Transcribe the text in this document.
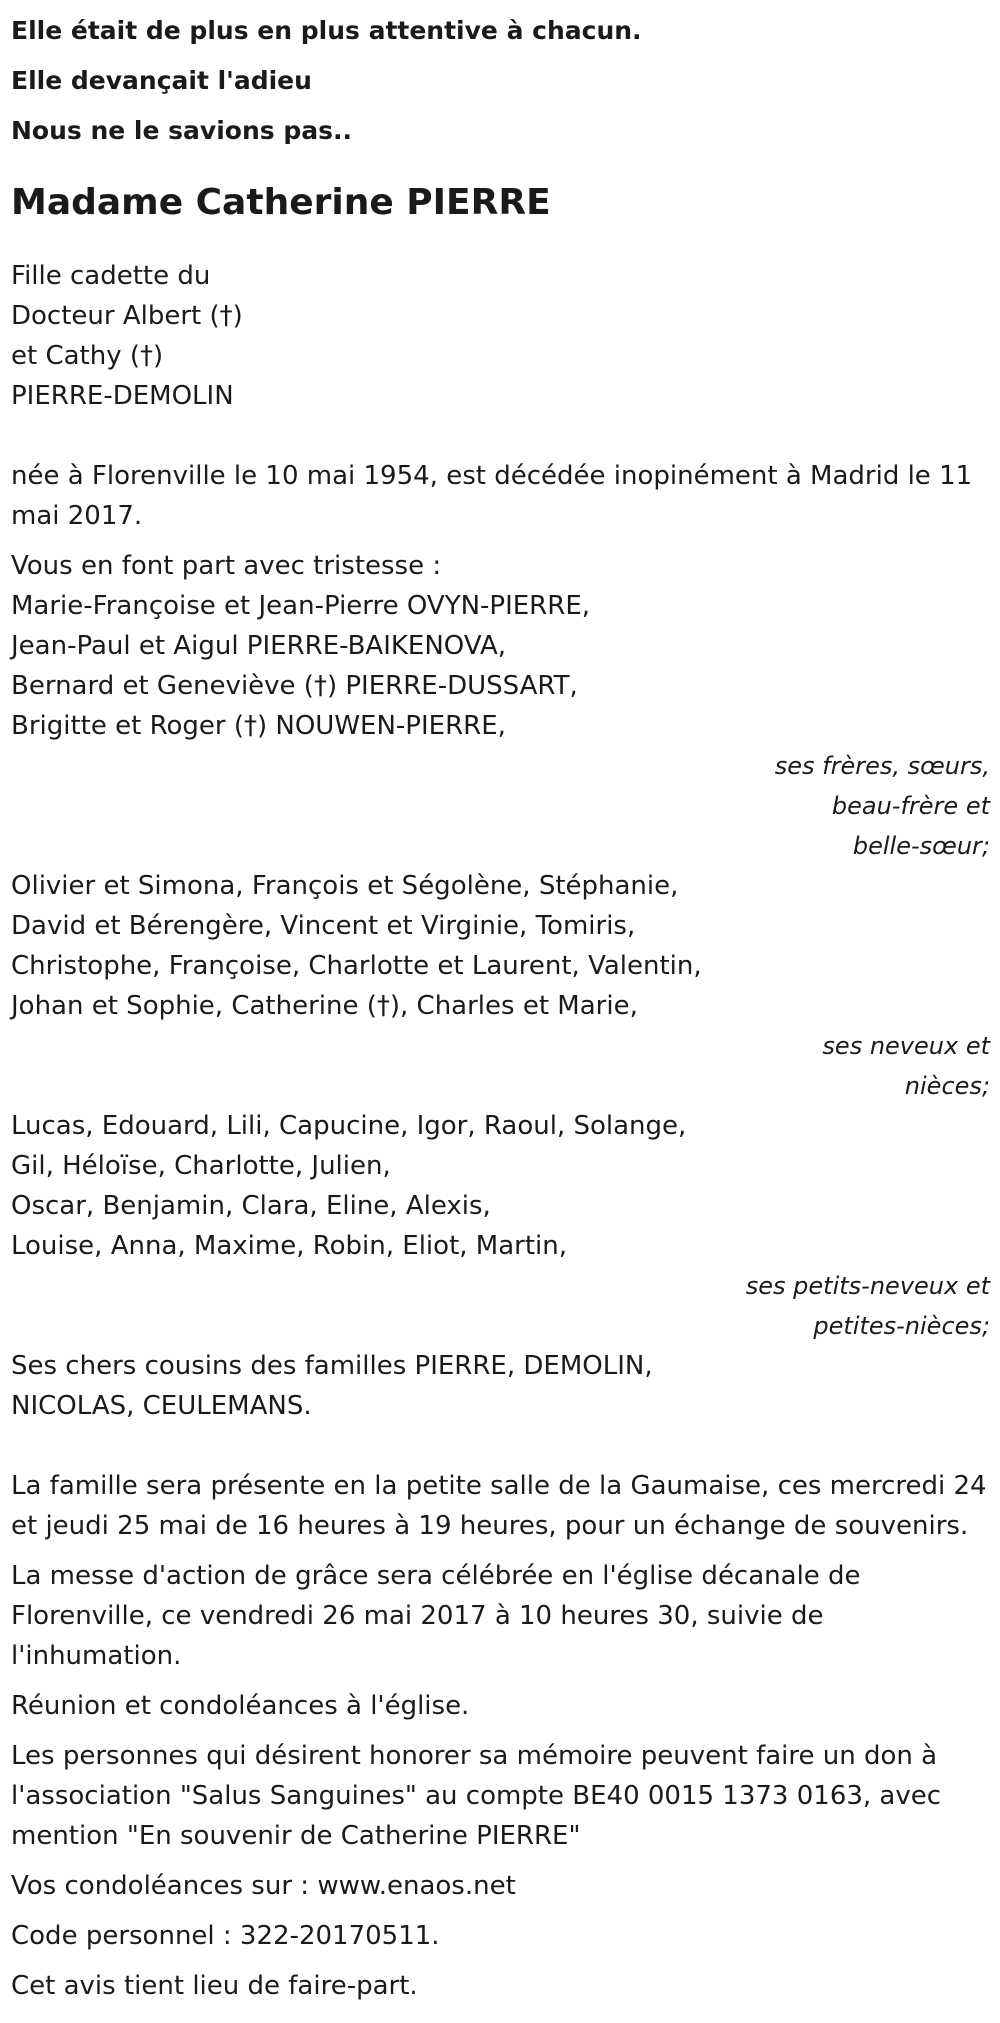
Elle était de plus en plus attentive à chacun.

Elle devançait l'adieu

Nous ne le savions pas..

Madame Catherine PIERRE
Fille cadette du
Docteur Albert (†)
et Cathy (†)
PIERRE-DEMOLIN

née à Florenville le 10 mai 1954, est décédée inopinément à Madrid le 11 mai 2017.

Vous en font part avec tristesse :
Marie-Françoise et Jean-Pierre OVYN-PIERRE,
Jean-Paul et Aigul PIERRE-BAIKENOVA,
Bernard et Geneviève (†) PIERRE-DUSSART,
Brigitte et Roger (†) NOUWEN-PIERRE,
ses frères, sœurs,
beau-frère et
belle-sœur;
Olivier et Simona, François et Ségolène, Stéphanie,
David et Bérengère, Vincent et Virginie, Tomiris,
Christophe, Françoise, Charlotte et Laurent, Valentin,
Johan et Sophie, Catherine (†), Charles et Marie,
ses neveux et
nièces;
Lucas, Edouard, Lili, Capucine, Igor, Raoul, Solange,
Gil, Héloïse, Charlotte, Julien,
Oscar, Benjamin, Clara, Eline, Alexis,
Louise, Anna, Maxime, Robin, Eliot, Martin,
ses petits-neveux et
petites-nièces;
Ses chers cousins des familles PIERRE, DEMOLIN,
NICOLAS, CEULEMANS.

La famille sera présente en la petite salle de la Gaumaise, ces mercredi 24 et jeudi 25 mai de 16 heures à 19 heures, pour un échange de souvenirs.

La messe d'action de grâce sera célébrée en l'église décanale de Florenville, ce vendredi 26 mai 2017 à 10 heures 30, suivie de l'inhumation.

Réunion et condoléances à l'église.

Les personnes qui désirent honorer sa mémoire peuvent faire un don à l'association "Salus Sanguines" au compte BE40 0015 1373 0163, avec mention "En souvenir de Catherine PIERRE"

Vos condoléances sur : www.enaos.net

Code personnel : 322-20170511.

Cet avis tient lieu de faire-part.
